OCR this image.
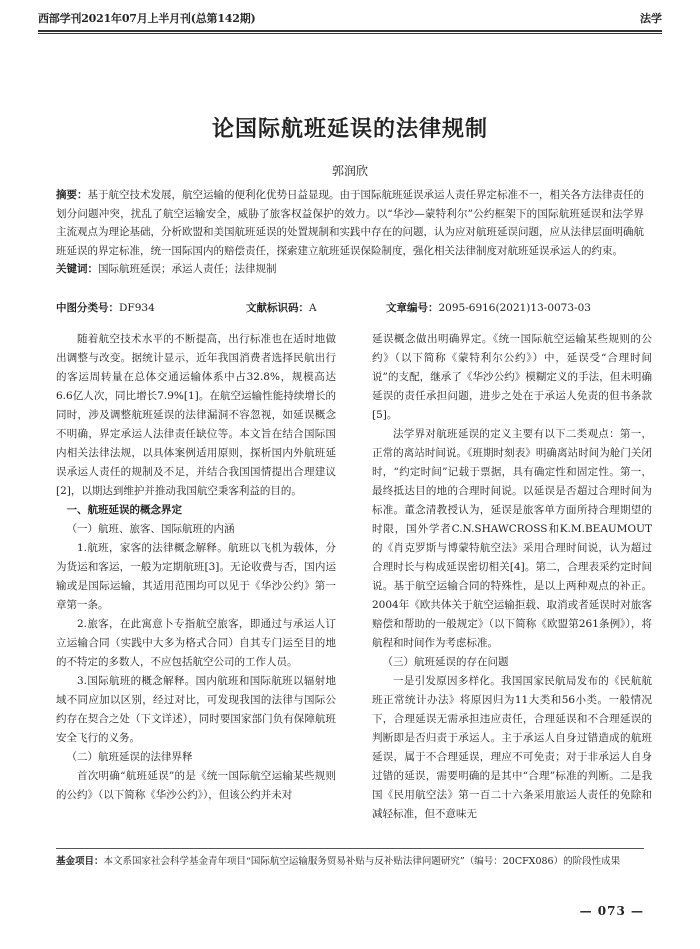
西部学刊2021年07月上半月刊(总第142期)	法学
论国际航班延误的法律规制
郭润欣
摘要：基于航空技术发展，航空运输的便利化优势日益显现。由于国际航班延误承运人责任界定标准不一，相关各方法律责任的划分问题冲突，扰乱了航空运输安全，威胁了旅客权益保护的效力。以“华沙—蒙特利尔”公约框架下的国际航班延误和法学界主流观点为理论基础，分析欧盟和美国航班延误的处置规制和实践中存在的问题，认为应对航班延误问题，应从法律层面明确航班延误的界定标准，统一国际国内的赔偿责任，探索建立航班延误保险制度，强化相关法律制度对航班延误承运人的约束。
关键词：国际航班延误；承运人责任；法律规制
中图分类号：DF934	文献标识码：A	文章编号：2095-6916(2021)13-0073-03

随着航空技术水平的不断提高，出行标准也在适时地做出调整与改变。据统计显示，近年我国消费者选择民航出行的客运周转量在总体交通运输体系中占32.8%，规模高达6.6亿人次，同比增长7.9%[1]。在航空运输性能持续增长的同时，涉及调整航班延误的法律漏洞不容忽视，如延误概念不明确，界定承运人法律责任缺位等。本文旨在结合国际国内相关法律法规，以具体案例适用原则，探析国内外航班延误承运人责任的规制及不足，并结合我国国情提出合理建议[2]，以期达到维护并推动我国航空秉客利益的目的。

一、航班延误的概念界定

（一）航班、旅客、国际航班的内涵

1.航班，家客的法律概念解释。航班以飞机为载体，分为货运和客运，一般为定期航班[3]。无论收费与否，国内运输或是国际运输，其适用范围均可以见于《华沙公约》第一章第一条。

2.旅客，在此寓意卜专指航空旅客，即通过与承运人订立运输合同（实践中大多为格式合同）自其专门运至目的地的不特定的多数人，不应包括航空公司的工作人员。

3.国际航班的概念解释。国内航班和国际航班以辐射地域不同应加以区别，经过对比，可发现我国的法律与国际公约存在契合之处（下文详述），同时要国家部门负有保障航班安全飞行的义务。

（二）航班延误的法律界释

首次明确“航班延误”的是《统一国际航空运输某些规则的公约》（以下简称《华沙公约》），但该公约并未对

延误概念做出明确界定。《统一国际航空运输某些规则的公约》（以下简称《蒙特利尔公约》）中，延误受“合理时间说”的支配，继承了《华沙公约》模糊定义的手法，但未明确延误的责任承担问题，进步之处在于承运人免责的但书条款[5]。

法学界对航班延误的定义主要有以下二类观点：第一，正常的离站时间说。《班期时刻表》明确离站时间为舱门关闭时，“约定时间”记载于票据，具有确定性和固定性。第一，最终抵达目的地的合理时间说。以延误是否超过合理时间为标准。董念清教授认为，延误是旅客单方面所持合理期望的时限，国外学者C.N.SHAWCROSS和K.M.BEAUMOUT的《肖克罗斯与博蒙特航空法》采用合理时间说，认为超过合理时长与构成延误密切相关[4]。第二，合理表采约定时间说。基于航空运输合同的特殊性，是以上两种观点的补正。2004年《欧共体关于航空运输拒载、取消或者延误时对旅客赔偿和帮助的一般规定》（以下简称《欧盟第261条例》），将航程和时间作为考虑标准。

（三）航班延误的存在问题

一是引发原因多样化。我国国家民航局发布的《民航航班正常统计办法》将原因归为11大类和56小类。一般情况下，合理延误无需承担违应责任，合理延误和不合理延误的判断即是否归责于承运人。主于承运人自身过错造成的航班延误，属于不合理延误，理应不可免责；对于非承运人自身过错的延误，需要明确的是其中“合理”标准的判断。二是我国《民用航空法》第一百二十六条采用旅运人责任的免除和减轻标准，但不意味无

基金项目：本文系国家社会科学基金青年项目“国际航空运输服务贸易补贴与反补贴法律问题研究”（编号：20CFX086）的阶段性成果
— 073 —
